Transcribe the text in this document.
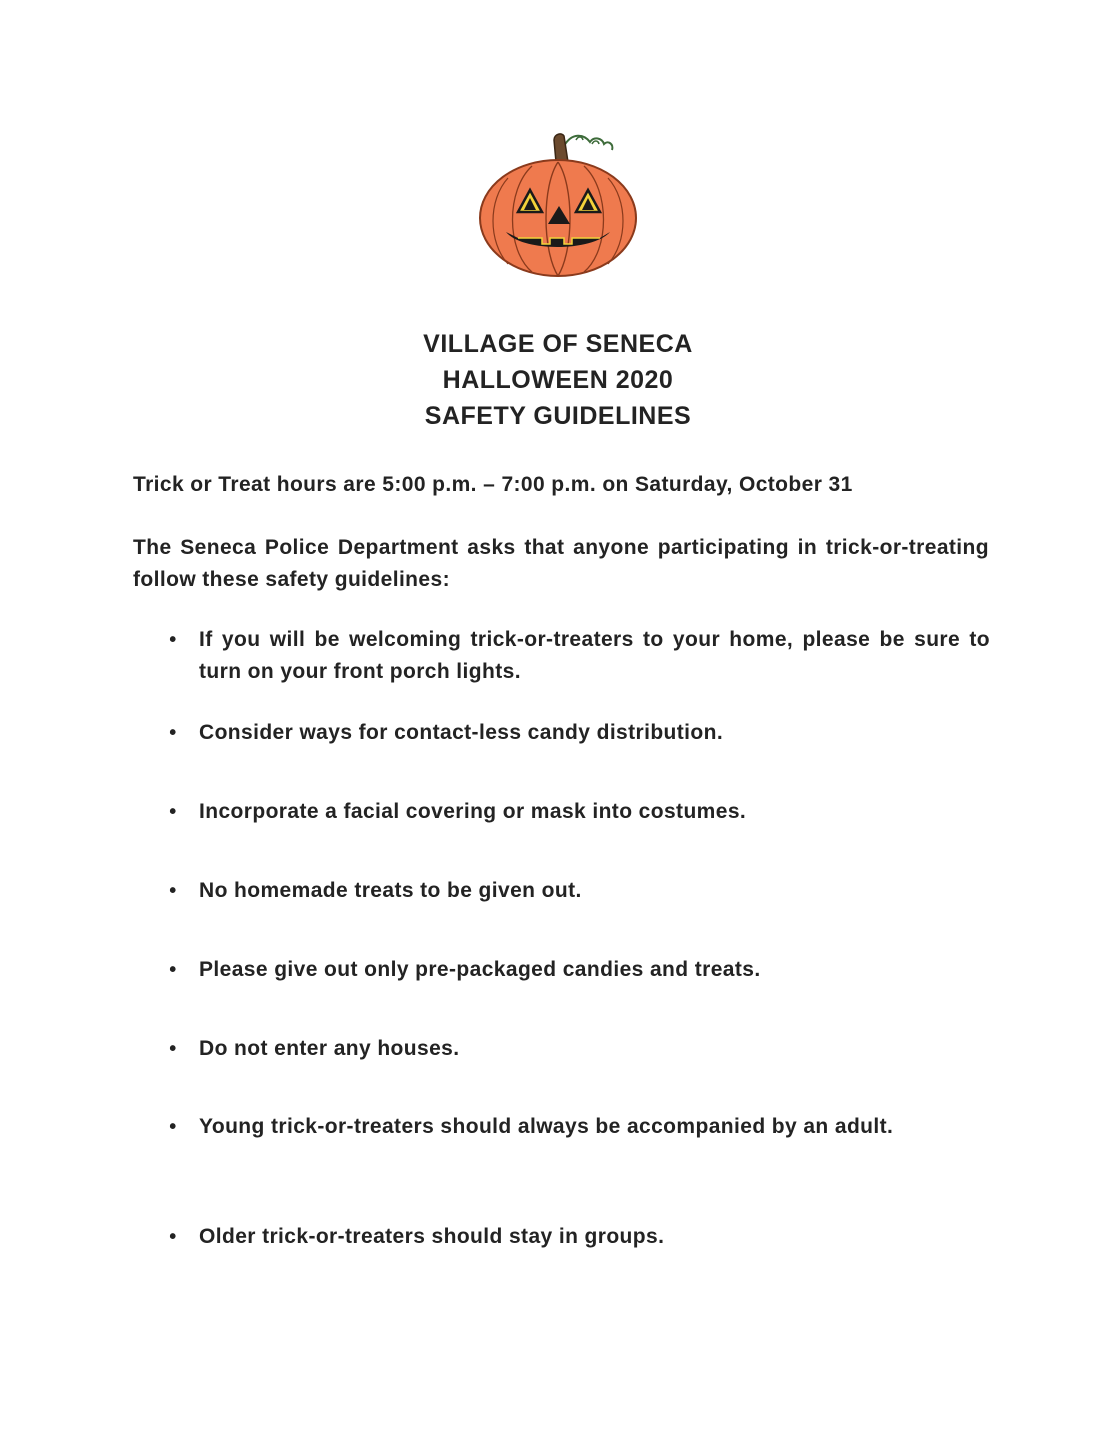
VILLAGE OF SENECA
HALLOWEEN 2020
SAFETY GUIDELINES
Trick or Treat hours are 5:00 p.m. – 7:00 p.m. on Saturday, October 31
The Seneca Police Department asks that anyone participating in trick-or-treating follow these safety guidelines:
• If you will be welcoming trick-or-treaters to your home, please be sure to turn on your front porch lights.
• Consider ways for contact-less candy distribution.
• Incorporate a facial covering or mask into costumes.
• No homemade treats to be given out.
• Please give out only pre-packaged candies and treats.
• Do not enter any houses.
• Young trick-or-treaters should always be accompanied by an adult.
• Older trick-or-treaters should stay in groups.
